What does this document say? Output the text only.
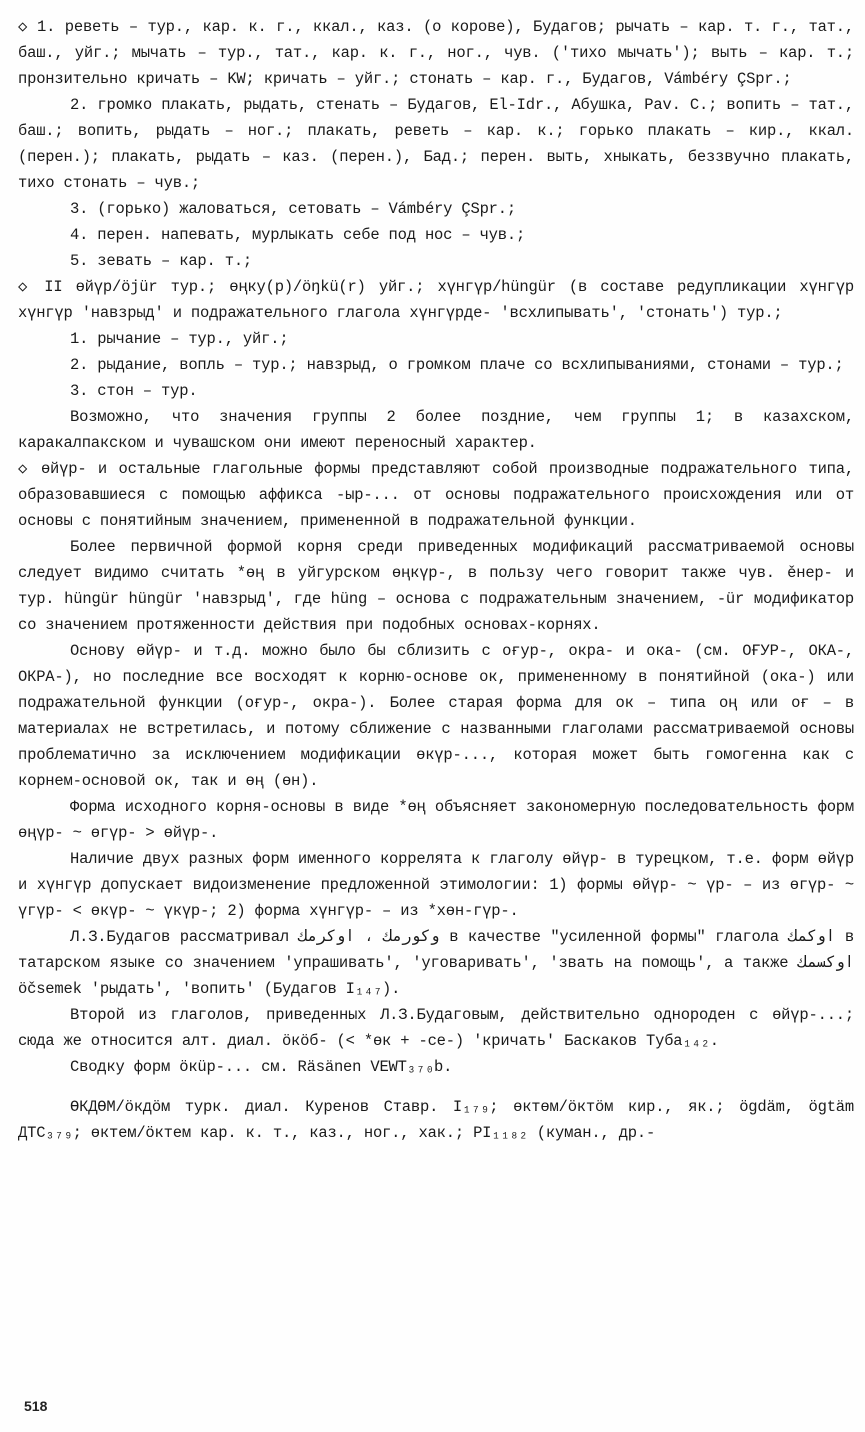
◇ 1. реветь – тур., кар. к. г., ккал., каз. (о корове), Будагов; рычать – кар. т. г., тат., баш., уйг.; мычать – тур., тат., кар. к. г., ног., чув. ('тихо мычать'); выть – кар. т.; пронзительно кричать – KW; кричать – уйг.; стонать – кар. г., Будагов, Vámbéry ÇSpr.;

2. громко плакать, рыдать, стенать – Будагов, El-Idr., Абушка, Pav. C.; вопить – тат., баш.; вопить, рыдать – ног.; плакать, реветь – кар. к.; горько плакать – кир., ккал. (перен.); плакать, рыдать – каз. (перен.), Бад.; перен. выть, хныкать, беззвучно плакать, тихо стонать – чув.;

3. (горько) жаловаться, сетовать – Vámbéry ÇSpr.;

4. перен. напевать, мурлыкать себе под нос – чув.;

5. зевать – кар. т.;

◇ II өйүр/öjür тур.; өңку(р)/öŋkü(r) уйг.; хүнгүр/hüngür (в составе редупликации хүнгүр хүнгүр 'навзрыд' и подражательного глагола хүнгүрде- 'всхлипывать', 'стонать') тур.;

1. рычание – тур., уйг.;

2. рыдание, вопль – тур.; навзрыд, о громком плаче со всхлипываниями, стонами – тур.;

3. стон – тур.

Возможно, что значения группы 2 более поздние, чем группы 1; в казахском, каракалпакском и чувашском они имеют переносный характер.

◇ өйүр- и остальные глагольные формы представляют собой производные подражательного типа, образовавшиеся с помощью аффикса -ыр-... от основы подражательного происхождения или от основы с понятийным значением, примененной в подражательной функции.

Более первичной формой корня среди приведенных модификаций рассматриваемой основы следует видимо считать *өң в уйгурском өңкүр-, в пользу чего говорит также чув. ěнер- и тур. hüngür hüngür 'навзрыд', где hüng – основа с подражательным значением, -ür модификатор со значением протяженности действия при подобных основах-корнях.

Основу өйүр- и т.д. можно было бы сблизить с оғур-, окра- и ока- (см. ОҒУР-, ОКА-, ОКРА-), но последние все восходят к корню-основе ок, примененному в понятийной (ока-) или подражательной функции (оғур-, окра-). Более старая форма для ок – типа оң или оғ – в материалах не встретилась, и потому сближение с названными глаголами рассматриваемой основы проблематично за исключением модификации өкүр-..., которая может быть гомогенна как с корнем-основой ок, так и өң (өн).

Форма исходного корня-основы в виде *өң объясняет закономерную последовательность форм өңүр- ~ өгүр- > өйүр-.

Наличие двух разных форм именного коррелята к глаголу өйүр- в турецком, т.е. форм өйүр и хүнгүр допускает видоизменение предложенной этимологии: 1) формы өйүр- ~ үр- – из өгүр- ~ үгүр- < өкүр- ~ үкүр-; 2) форма хүнгүр- – из *хөн-гүр-.

Л.З.Будагов рассматривал وكورمك ، اوكرمك в качестве "усиленной формы" глагола اوكمك в татарском языке со значением 'упрашивать', 'уговаривать', 'звать на помощь', а также اوكسمك öčsemek 'рыдать', 'вопить' (Будагов I₁₄₇).

Второй из глаголов, приведенных Л.З.Будаговым, действительно однороден с өйүр-...; сюда же относится алт. диал. öкöб- (< *өк + -се-) 'кричать' Баскаков Туба₁₄₂.

Сводку форм öкüр-... см. Räsänen VEWT₃₇₀b.

ӨКДӨМ/öкдöм турк. диал. Куренов Ставр. I₁₇₉; өктөм/öктöм кир., як.; ögdäm, ögtäm ДТС₃₇₉; өктем/öктем кар. к. т., каз., ног., хак.; PI₁₁₈₂ (куман., др.-

518
